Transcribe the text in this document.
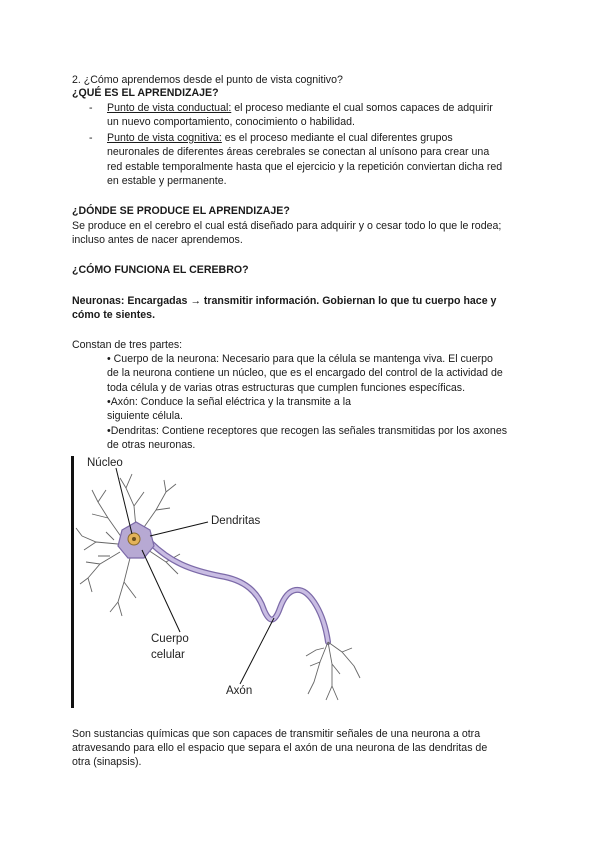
2. ¿Cómo aprendemos desde el punto de vista cognitivo?
¿QUÉ ES EL APRENDIZAJE?
- Punto de vista conductual: el proceso mediante el cual somos capaces de adquirir
un nuevo comportamiento, conocimiento o habilidad.
- Punto de vista cognitiva: es el proceso mediante el cual diferentes grupos
neuronales de diferentes áreas cerebrales se conectan al unísono para crear una
red estable temporalmente hasta que el ejercicio y la repetición conviertan dicha red
en estable y permanente.
¿DÓNDE SE PRODUCE EL APRENDIZAJE?
Se produce en el cerebro el cual está diseñado para adquirir y o cesar todo lo que le rodea;
incluso antes de nacer aprendemos.
¿CÓMO FUNCIONA EL CEREBRO?
Neuronas: Encargadas → transmitir información. Gobiernan lo que tu cuerpo hace y
cómo te sientes.
Constan de tres partes:
• Cuerpo de la neurona: Necesario para que la célula se mantenga viva. El cuerpo
de la neurona contiene un núcleo, que es el encargado del control de la actividad de
toda célula y de varias otras estructuras que cumplen funciones específicas.
•Axón: Conduce la señal eléctrica y la transmite a la
siguiente célula.
•Dendritas: Contiene receptores que recogen las señales transmitidas por los axones
de otras neuronas.
Núcleo
Dendritas
Cuerpo
celular
Axón
Son sustancias químicas que son capaces de transmitir señales de una neurona a otra
atravesando para ello el espacio que separa el axón de una neurona de las dendritas de
otra (sinapsis).
